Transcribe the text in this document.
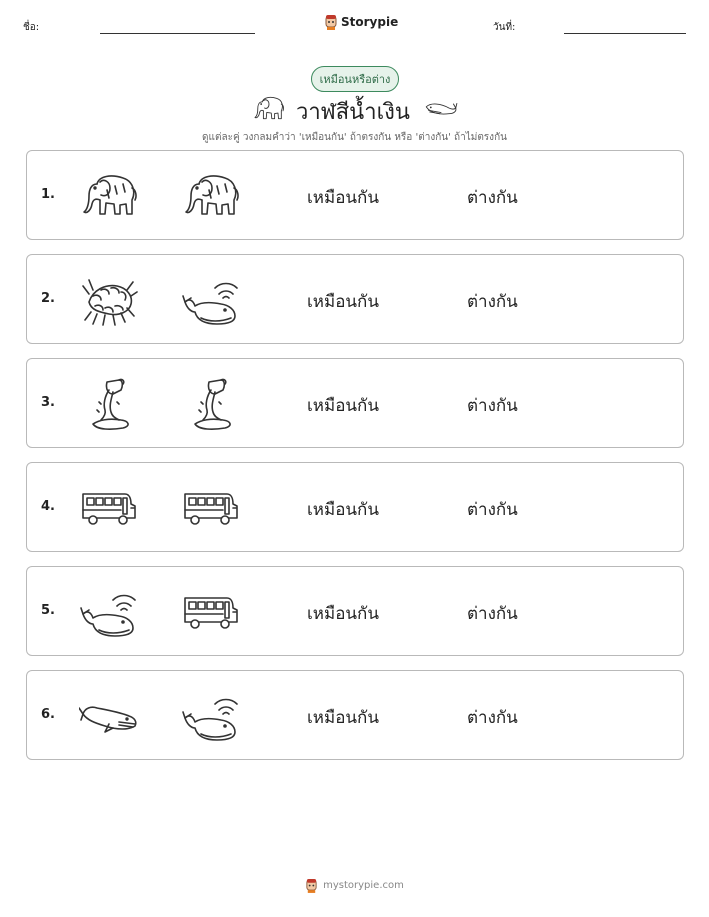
ชื่อ:	Storypie	วันที่:
เหมือนหรือต่าง
วาฬสีน้ำเงิน
ดูแต่ละคู่ วงกลมคำว่า 'เหมือนกัน' ถ้าตรงกัน หรือ 'ต่างกัน' ถ้าไม่ตรงกัน
1.	เหมือนกัน	ต่างกัน
2.	เหมือนกัน	ต่างกัน
3.	เหมือนกัน	ต่างกัน
4.	เหมือนกัน	ต่างกัน
5.	เหมือนกัน	ต่างกัน
6.	เหมือนกัน	ต่างกัน
mystorypie.com
